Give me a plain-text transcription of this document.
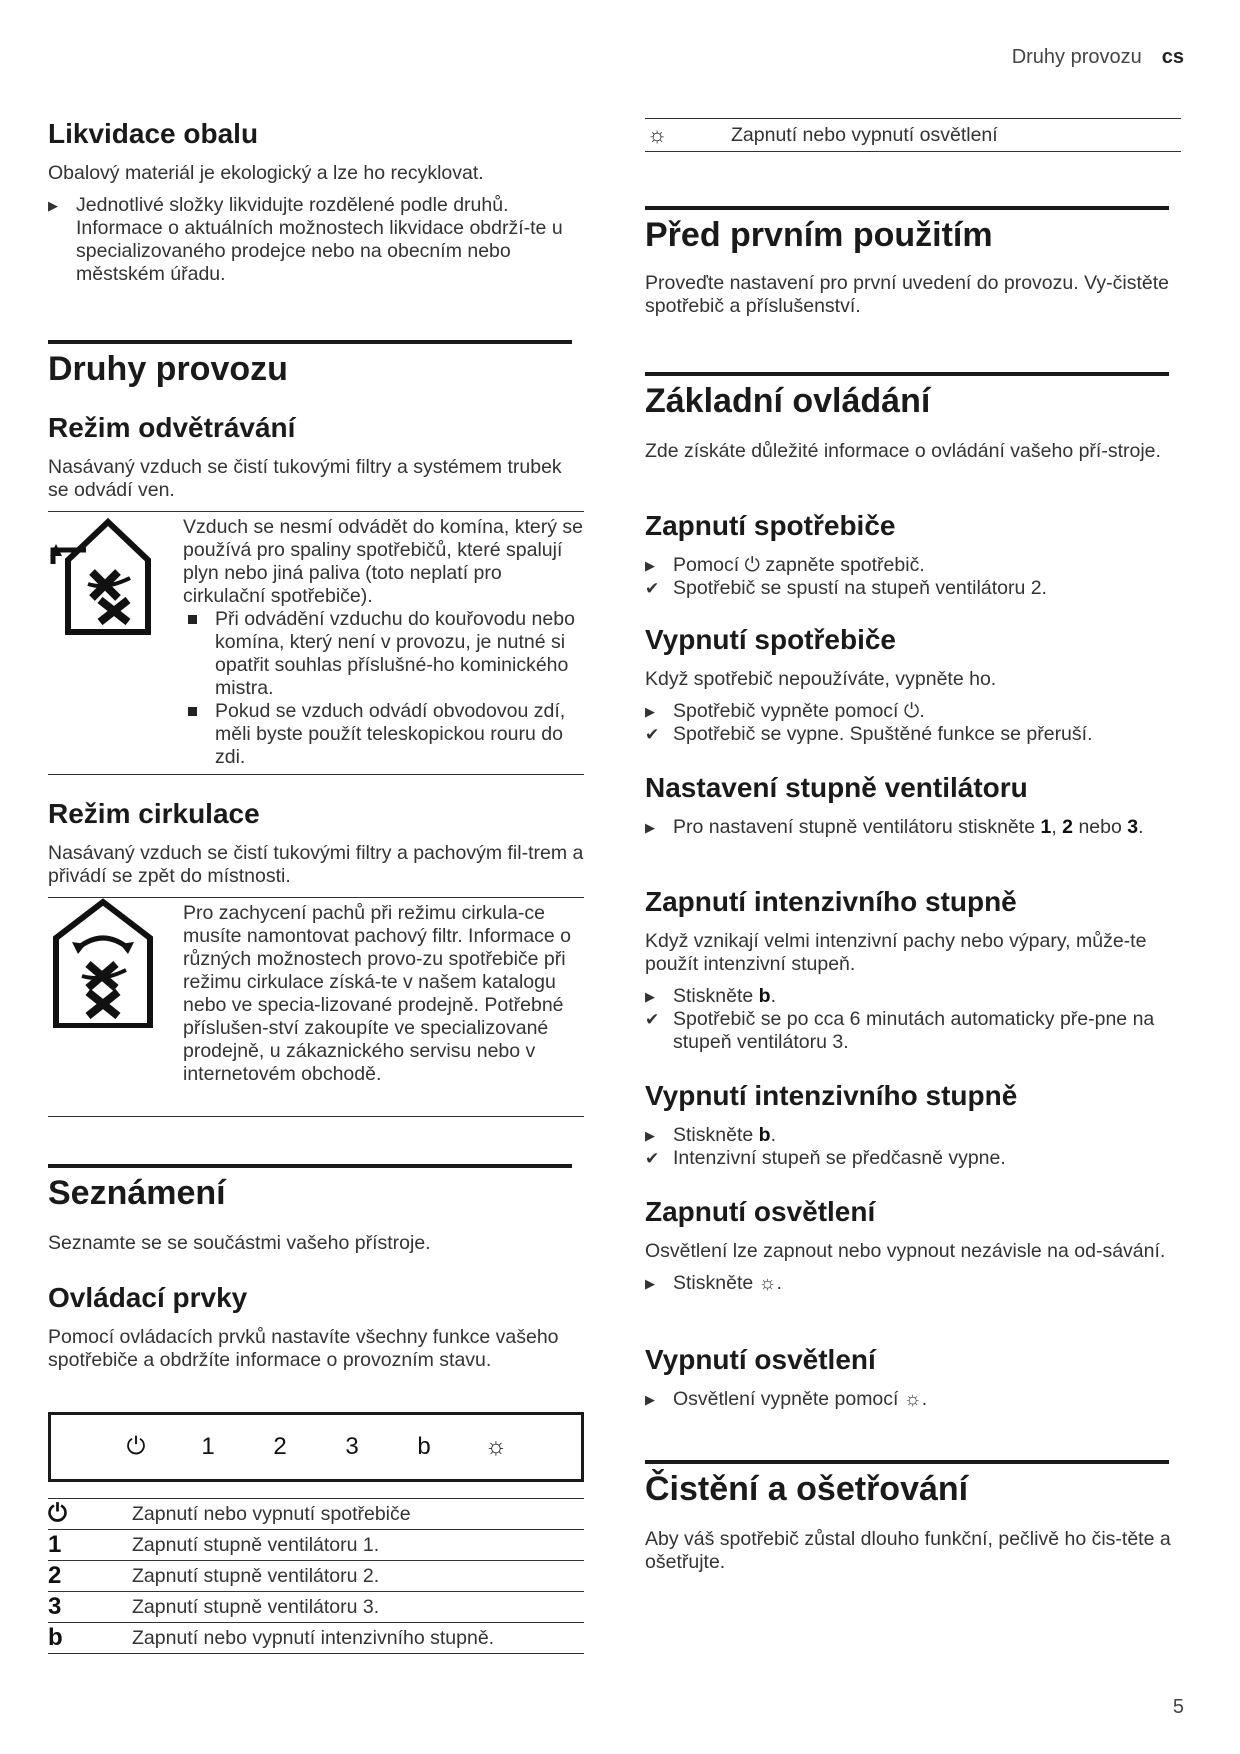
Druhy provozu cs
Likvidace obalu

Obalový materiál je ekologický a lze ho recyklovat.

▶ Jednotlivé složky likvidujte rozdělené podle druhů. Informace o aktuálních možnostech likvidace obdrží-te u specializovaného prodejce nebo na obecním nebo městském úřadu.
Druhy provozu
Režim odvětrávání

Nasávaný vzduch se čistí tukovými filtry a systémem trubek se odvádí ven.

Vzduch se nesmí odvádět do komína, který se používá pro spaliny spotřebičů, které spalují plyn nebo jiná paliva (toto neplatí pro cirkulační spotřebiče).
Při odvádění vzduchu do kouřovodu nebo komína, který není v provozu, je nutné si opatřit souhlas příslušné-ho kominického mistra.
Pokud se vzduch odvádí obvodovou zdí, měli byste použít teleskopickou rouru do zdi.
Režim cirkulace

Nasávaný vzduch se čistí tukovými filtry a pachovým fil-trem a přivádí se zpět do místnosti.

Pro zachycení pachů při režimu cirkula-ce musíte namontovat pachový filtr. Informace o různých možnostech provo-zu spotřebiče při režimu cirkulace získá-te v našem katalogu nebo ve specia-lizované prodejně. Potřebné příslušen-ství zakoupíte ve specializované prodejně, u zákaznického servisu nebo v internetovém obchodě.
Seznámení

Seznamte se se součástmi vašeho přístroje.

Ovládací prvky

Pomocí ovládacích prvků nastavíte všechny funkce vašeho spotřebiče a obdržíte informace o provozním stavu.

⏻	1	2	3	b	☼
⏻	Zapnutí nebo vypnutí spotřebiče
1	Zapnutí stupně ventilátoru 1.
2	Zapnutí stupně ventilátoru 2.
3	Zapnutí stupně ventilátoru 3.
b	Zapnutí nebo vypnutí intenzivního stupně.
☼	Zapnutí nebo vypnutí osvětlení
Před prvním použitím

Proveďte nastavení pro první uvedení do provozu. Vy-čistěte spotřebič a příslušenství.

Základní ovládání

Zde získáte důležité informace o ovládání vašeho pří-stroje.

Zapnutí spotřebiče
▶ Pomocí ⏻ zapněte spotřebič.
✔ Spotřebič se spustí na stupeň ventilátoru 2.
Vypnutí spotřebiče

Když spotřebič nepoužíváte, vypněte ho.

▶ Spotřebič vypněte pomocí ⏻.
✔ Spotřebič se vypne. Spuštěné funkce se přeruší.
Nastavení stupně ventilátoru
▶ Pro nastavení stupně ventilátoru stiskněte 1, 2 nebo 3.
Zapnutí intenzivního stupně

Když vznikají velmi intenzivní pachy nebo výpary, může-te použít intenzivní stupeň.

▶ Stiskněte b.
✔ Spotřebič se po cca 6 minutách automaticky pře-pne na stupeň ventilátoru 3.
Vypnutí intenzivního stupně
▶ Stiskněte b.
✔ Intenzivní stupeň se předčasně vypne.
Zapnutí osvětlení

Osvětlení lze zapnout nebo vypnout nezávisle na od-sávání.

▶ Stiskněte ☼.
Vypnutí osvětlení
▶ Osvětlení vypněte pomocí ☼.
Čistění a ošetřování

Aby váš spotřebič zůstal dlouho funkční, pečlivě ho čis-těte a ošetřujte.

5
